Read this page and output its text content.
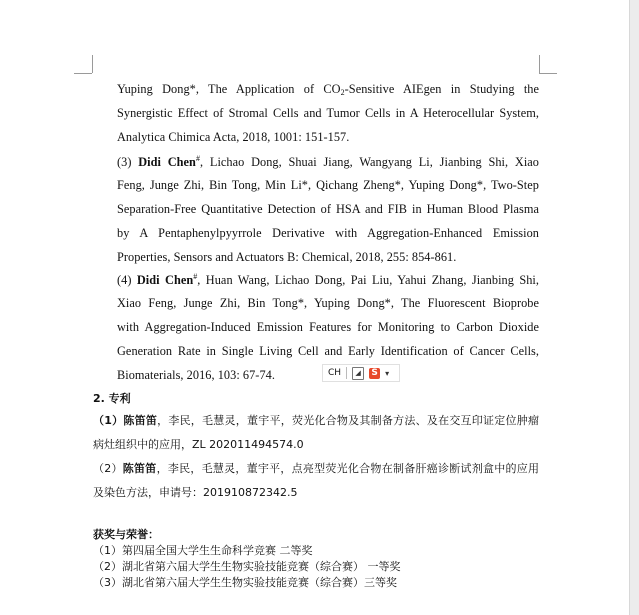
Yuping Dong*, The Application of $CO_2$-Sensitive AIEgen in Studying the
Synergistic Effect of Stromal Cells and Tumor Cells in A Heterocellular System,
Analytica Chimica Acta, 2018, 1001: 151-157.
(3) Didi Chen#, Lichao Dong, Shuai Jiang, Wangyang Li, Jianbing Shi, Xiao
Feng, Junge Zhi, Bin Tong, Min Li*, Qichang Zheng*, Yuping Dong*, Two-Step
Separation-Free Quantitative Detection of HSA and FIB in Human Blood Plasma
by A Pentaphenylpyyrrole Derivative with Aggregation-Enhanced Emission
Properties, Sensors and Actuators B: Chemical, 2018, 255: 854-861.
(4) Didi Chen#, Huan Wang, Lichao Dong, Pai Liu, Yahui Zhang, Jianbing Shi,
Xiao Feng, Junge Zhi, Bin Tong*, Yuping Dong*, The Fluorescent Bioprobe
with Aggregation-Induced Emission Features for Monitoring to Carbon Dioxide
Generation Rate in Single Living Cell and Early Identification of Cancer Cells,
Biomaterials, 2016, 103: 67-74.	CH	◢	S ▾
2. 专利
（1）陈笛笛，李民，毛慧灵，董宇平，荧光化合物及其制备方法、及在交互印证定位肿瘤
病灶组织中的应用，ZL 202011494574.0
（2）陈笛笛，李民，毛慧灵，董宇平，点亮型荧光化合物在制备肝癌诊断试剂盒中的应用
及染色方法，申请号：201910872342.5
获奖与荣誉：
（1）第四届全国大学生生命科学竞赛 二等奖
（2）湖北省第六届大学生生物实验技能竞赛（综合赛） 一等奖
（3）湖北省第六届大学生生物实验技能竞赛（综合赛）三等奖
